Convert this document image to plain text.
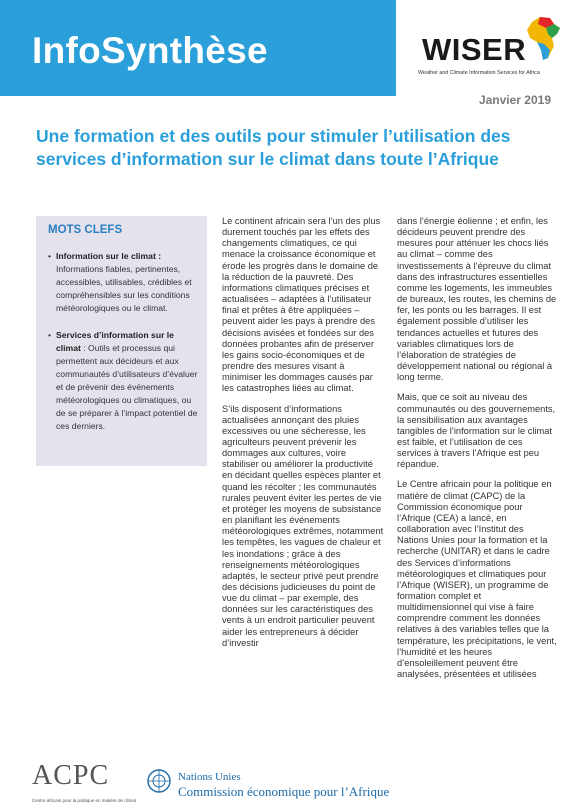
InfoSynthèse	WISER
Weather and Climate Information Services for Africa
Janvier 2019
Une formation et des outils pour stimuler l’utilisation des services d’information sur le climat dans toute l’Afrique
MOTS CLEFS
• Information sur le climat : Informations fiables, pertinentes, accessibles, utilisables, crédibles et compréhensibles sur les conditions météorologiques ou le climat.
• Services d’information sur le climat : Outils et processus qui permettent aux décideurs et aux communautés d’utilisateurs d’évaluer et de prévenir des événements météorologiques ou climatiques, ou de se préparer à l’impact potentiel de ces derniers.

Le continent africain sera l’un des plus durement touchés par les effets des changements climatiques, ce qui menace la croissance économique et érode les progrès dans le domaine de la réduction de la pauvreté. Des informations climatiques précises et actualisées – adaptées à l’utilisateur final et prêtes à être appliquées – peuvent aider les pays à prendre des décisions avisées et fondées sur des données probantes afin de préserver les gains socio-économiques et de prendre des mesures visant à minimiser les dommages causés par les catastrophes liées au climat.

S’ils disposent d’informations actualisées annonçant des pluies excessives ou une sécheresse, les agriculteurs peuvent prévenir les dommages aux cultures, voire stabiliser ou améliorer la productivité en décidant quelles espèces planter et quand les récolter ; les communautés rurales peuvent éviter les pertes de vie et protéger les moyens de subsistance en planifiant les événements météorologiques extrêmes, notamment les tempêtes, les vagues de chaleur et les inondations ; grâce à des renseignements météorologiques adaptés, le secteur privé peut prendre des décisions judicieuses du point de vue du climat – par exemple, des données sur les caractéristiques des vents à un endroit particulier peuvent aider les entrepreneurs à décider d’investir

dans l’énergie éolienne ; et enfin, les décideurs peuvent prendre des mesures pour atténuer les chocs liés au climat – comme des investissements à l’épreuve du climat dans des infrastructures essentielles comme les logements, les immeubles de bureaux, les routes, les chemins de fer, les ponts ou les barrages. Il est également possible d’utiliser les tendances actuelles et futures des variables climatiques lors de l’élaboration de stratégies de développement national ou régional à long terme.

Mais, que ce soit au niveau des communautés ou des gouvernements, la sensibilisation aux avantages tangibles de l’information sur le climat est faible, et l’utilisation de ces services à travers l’Afrique est peu répandue.

Le Centre africain pour la politique en matière de climat (CAPC) de la Commission économique pour l’Afrique (CEA) a lancé, en collaboration avec l’Institut des Nations Unies pour la formation et la recherche (UNITAR) et dans le cadre des Services d’informations météorologiques et climatiques pour l’Afrique (WISER), un programme de formation complet et multidimensionnel qui vise à faire comprendre comment les données relatives à des variables telles que la température, les précipitations, le vent, l’humidité et les heures d’ensoleillement peuvent être analysées, présentées et utilisées

ACPC
Centre africain pour la politique en matière de climat
Nations Unies
Commission économique pour l’Afrique
